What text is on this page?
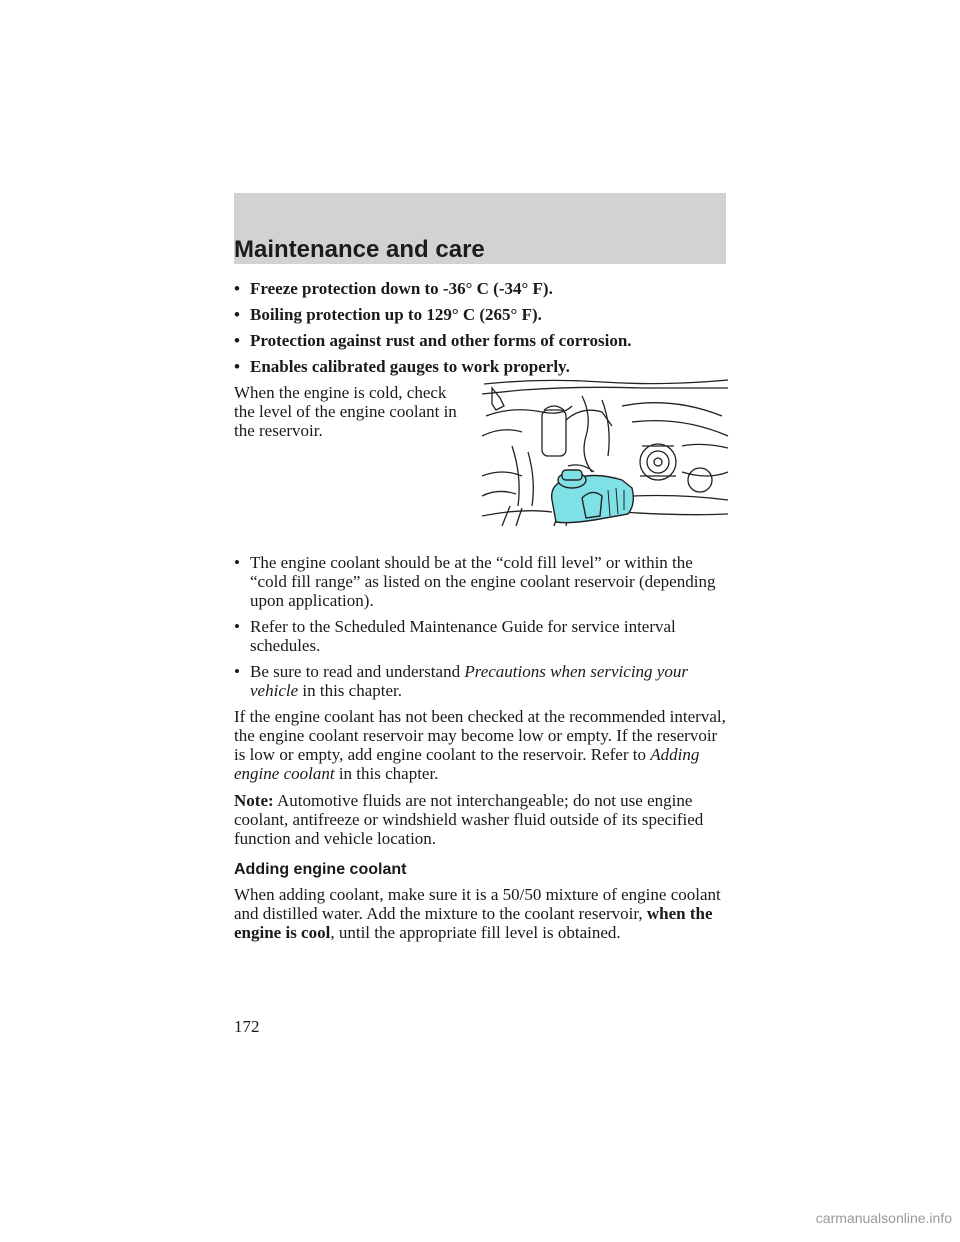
Maintenance and care
• Freeze protection down to -36° C (-34° F).
• Boiling protection up to 129° C (265° F).
• Protection against rust and other forms of corrosion.
• Enables calibrated gauges to work properly.
When the engine is cold, check the level of the engine coolant in the reservoir.
• The engine coolant should be at the “cold fill level” or within the “cold fill range” as listed on the engine coolant reservoir (depending upon application).
• Refer to the Scheduled Maintenance Guide for service interval schedules.
• Be sure to read and understand Precautions when servicing your vehicle in this chapter.

If the engine coolant has not been checked at the recommended interval, the engine coolant reservoir may become low or empty. If the reservoir is low or empty, add engine coolant to the reservoir. Refer to Adding engine coolant in this chapter.

Note: Automotive fluids are not interchangeable; do not use engine coolant, antifreeze or windshield washer fluid outside of its specified function and vehicle location.

Adding engine coolant

When adding coolant, make sure it is a 50/50 mixture of engine coolant and distilled water. Add the mixture to the coolant reservoir, when the engine is cool, until the appropriate fill level is obtained.

172
carmanualsonline.info
